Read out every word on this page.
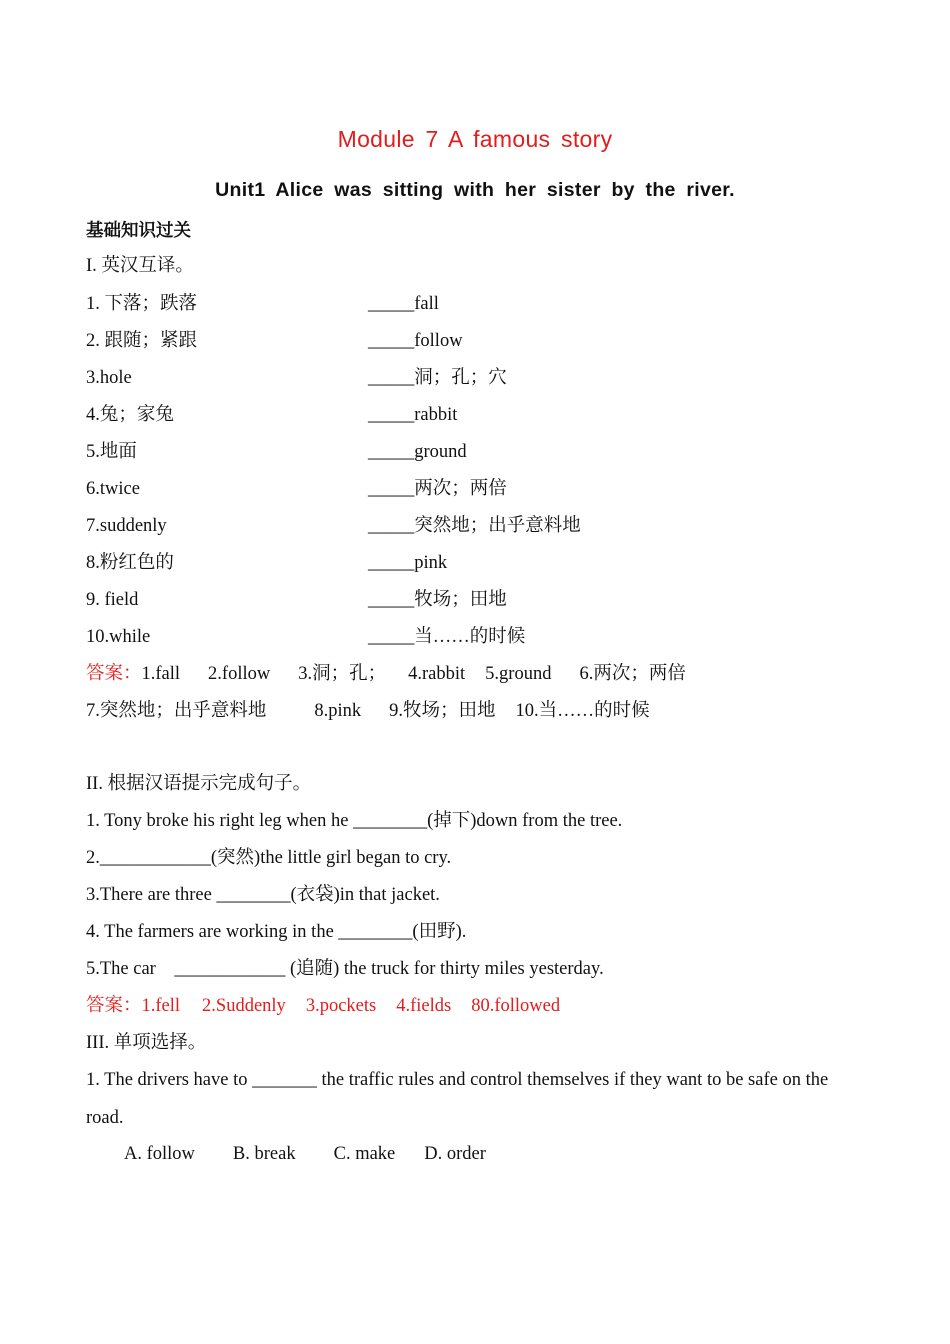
Module 7 A famous story
Unit1 Alice was sitting with her sister by the river.
基础知识过关
I. 英汉互译。
1. 下落；跌落	_____fall
2. 跟随；紧跟	_____follow
3.hole	_____洞；孔；穴
4.兔；家兔	_____rabbit
5.地面	_____ground
6.twice	_____两次；两倍
7.suddenly	_____突然地；出乎意料地
8.粉红色的	_____pink
9. field	_____牧场；田地
10.while	_____当……的时候
答案：1.fall 2.follow 3.洞；孔； 4.rabbit 5.ground 6.两次；两倍
7.突然地；出乎意料地	8.pink 9.牧场；田地 10.当……的时候
II. 根据汉语提示完成句子。
1. Tony broke his right leg when he ________(掉下)down from the tree.
2.____________(突然)the little girl began to cry.
3.There are three ________(衣袋)in that jacket.
4. The farmers are working in the ________(田野).
5.The car    ____________ (追随) the truck for thirty miles yesterday.
答案：1.fell 2.Suddenly 3.pockets 4.fields 80.followed
III. 单项选择。
1. The drivers have to _______ the traffic rules and control themselves if they want to be safe on the
road.
A. follow B. break C. make D. order
